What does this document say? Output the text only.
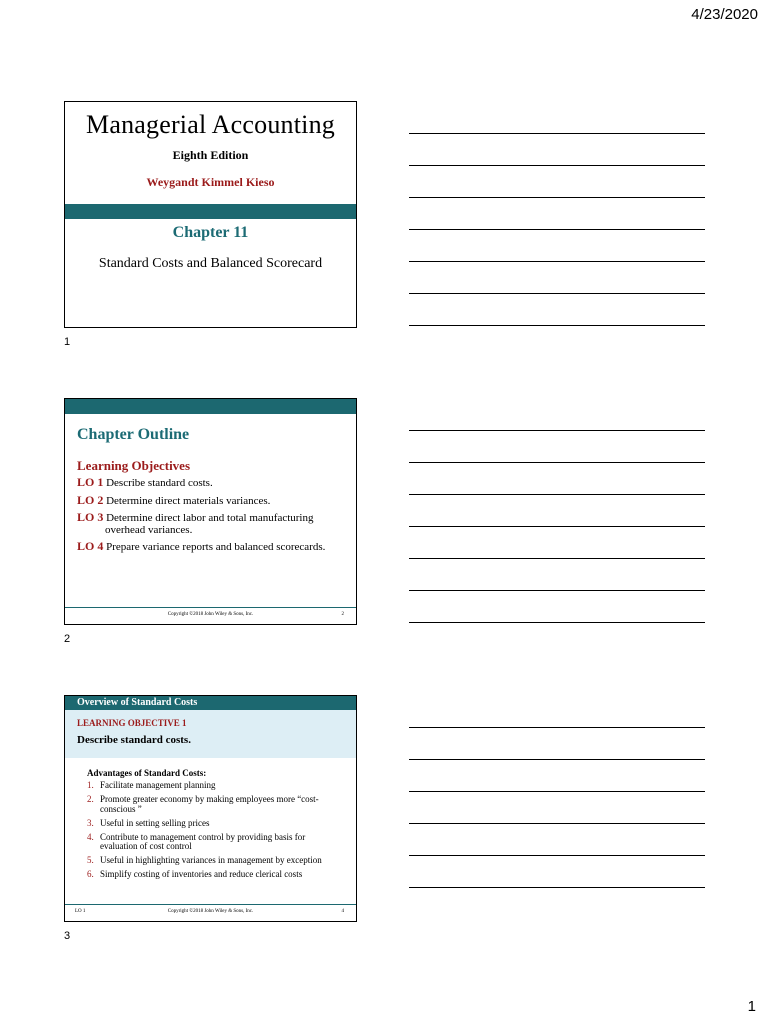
4/23/2020
Managerial Accounting
Eighth Edition
Weygandt Kimmel Kieso
Chapter 11
Standard Costs and Balanced Scorecard
1
Chapter Outline
Learning Objectives
LO 1 Describe standard costs.
LO 2 Determine direct materials variances.
LO 3 Determine direct labor and total manufacturing
overhead variances.
LO 4 Prepare variance reports and balanced scorecards.
Copyright ©2018 John Wiley & Sons, Inc.	2
2
Overview of Standard Costs
LEARNING OBJECTIVE 1
Describe standard costs.
Advantages of Standard Costs:
1. Facilitate management planning
2. Promote greater economy by making employees more “cost-conscious ”
3. Useful in setting selling prices
4. Contribute to management control by providing basis for evaluation of cost control
5. Useful in highlighting variances in management by exception
6. Simplify costing of inventories and reduce clerical costs
LO 1	Copyright ©2018 John Wiley & Sons, Inc.	4
3
1
